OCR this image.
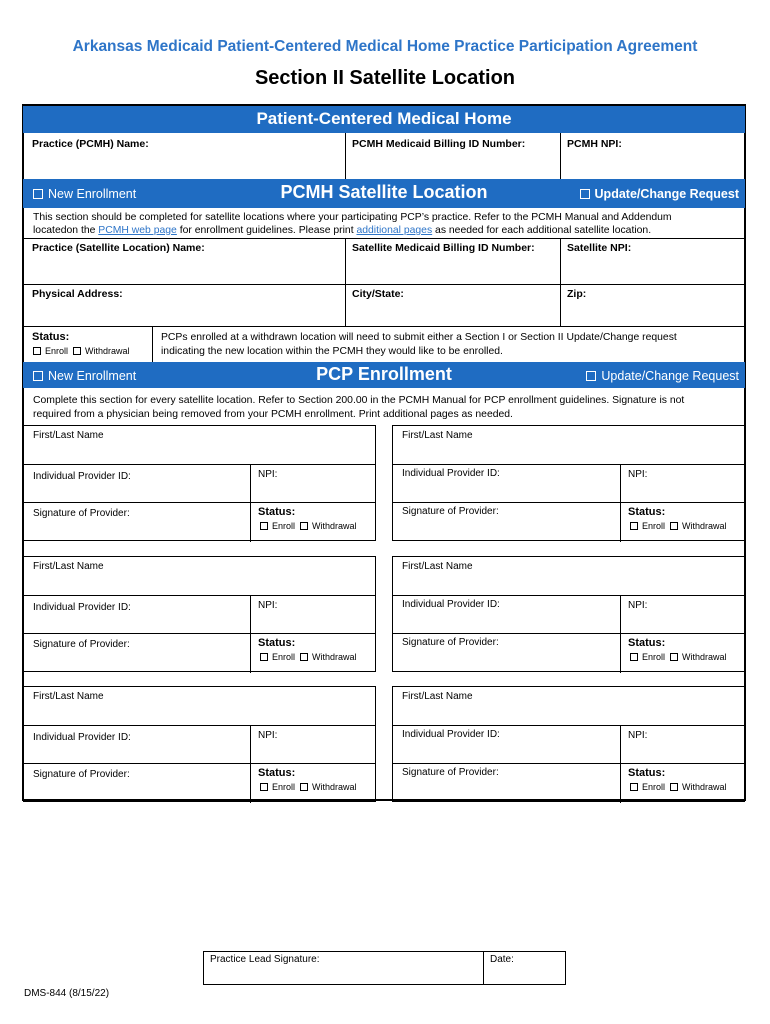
Arkansas Medicaid Patient-Centered Medical Home Practice Participation Agreement
Section II Satellite Location
Patient-Centered Medical Home
Practice (PCMH) Name:	PCMH Medicaid Billing ID Number:	PCMH NPI:
New Enrollment	PCMH Satellite Location	Update/Change Request
This section should be completed for satellite locations where your participating PCP’s practice. Refer to the PCMH Manual and Addendum
locatedon the PCMH web page for enrollment guidelines. Please print additional pages as needed for each additional satellite location.
Practice (Satellite Location) Name:	Satellite Medicaid Billing ID Number:	Satellite NPI:
Physical Address:	City/State:	Zip:
Status:
Enroll Withdrawal
PCPs enrolled at a withdrawn location will need to submit either a Section I or Section II Update/Change request
indicating the new location within the PCMH they would like to be enrolled.
New Enrollment	PCP Enrollment	Update/Change Request
Complete this section for every satellite location. Refer to Section 200.00 in the PCMH Manual for PCP enrollment guidelines. Signature is not
required from a physician being removed from your PCMH enrollment. Print additional pages as needed.
First/Last Name
Individual Provider ID:	NPI:
Signature of Provider:	Status:
Enroll Withdrawal
First/Last Name
Individual Provider ID:	NPI:
Signature of Provider:	Status:
Enroll Withdrawal
First/Last Name
Individual Provider ID:	NPI:
Signature of Provider:	Status:
Enroll Withdrawal
First/Last Name
Individual Provider ID:	NPI:
Signature of Provider:	Status:
Enroll Withdrawal
First/Last Name
Individual Provider ID:	NPI:
Signature of Provider:	Status:
Enroll Withdrawal
First/Last Name
Individual Provider ID:	NPI:
Signature of Provider:	Status:
Enroll Withdrawal
Practice Lead Signature:	Date:
DMS-844 (8/15/22)
